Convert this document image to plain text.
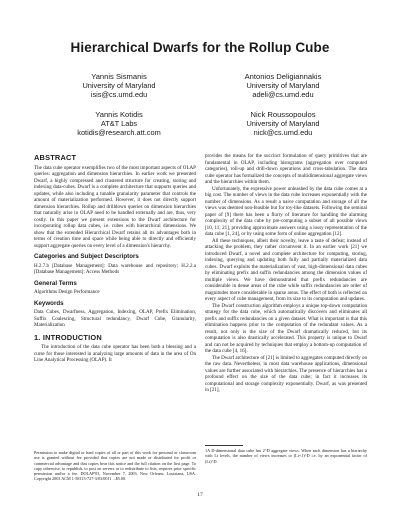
Hierarchical Dwarfs for the Rollup Cube
Yannis Sismanis
University of Maryland
isis@cs.umd.edu
Antonios Deligiannakis
University of Maryland
adeli@cs.umd.edu
Yannis Kotidis
AT&T Labs
kotidis@research.att.com
Nick Roussopoulos
University of Maryland
nick@cs.umd.edu
ABSTRACT

The data cube operator exemplifies two of the most important aspects of OLAP queries: aggregation and dimension hierarchies. In earlier work we presented Dwarf, a highly compressed and clustered structure for creating, storing and indexing data-cubes. Dwarf is a complete architecture that supports queries and updates, while also including a tunable granularity parameter that controls the amount of materialization performed. However, it does not directly support dimension hierarchies. Rollup and drilldown queries on dimension hierarchies that naturally arise in OLAP need to be handled externally and are, thus, very costly. In this paper we present extensions to the Dwarf architecture for incorporating rollup data cubes, i.e. cubes with hierarchical dimensions. We show that the extended Hierarchical Dwarf retains all its advantages both in terms of creation time and space while being able to directly and efficiently support aggregate queries on every level of a dimension's hierarchy.

Categories and Subject Descriptors

H.2.7.b [Database Management]: Data warehouse and repository; H.2.2.a [Database Management]: Access Methods

General Terms

Algorithms Design Performance

Keywords

Data Cubes, Dwarfness, Aggregation, Indexing, OLAP, Prefix Elimination, Suffix Coalescing, Structural redundancy, Dwarf Cube, Granularity, Materialization

1. INTRODUCTION

The introduction of the data cube operator has been both a blessing and a curse for those interested in analyzing large amounts of data in the area of On Line Analytical Processing (OLAP). It

Permission to make digital or hard copies of all or part of this work for personal or classroom use is granted without fee provided that copies are not made or distributed for profit or commercial advantage and that copies bear this notice and the full citation on the first page. To copy otherwise, to republish, to post on servers or to redistribute to lists, requires prior specific permission and/or a fee. DOLAP'03, November 7, 2003, New Orleans, Louisiana, USA. Copyright 2003 ACM 1-58113-727-3/03/0011 ...$5.00.

provides the means for the succinct formulation of query primitives that are fundamental in OLAP, including histograms (aggregation over computed categories), roll-up and drill-down operations and cross-tabulation. The data cube operator has formalized the concepts of multidimensional aggregate views and the hierarchies within them.

Unfortunately, the expressive power unleashed by the data cube comes at a big cost. The number of views in the data cube increases exponentially with the number of dimensions. As a result a naive computation and storage of all the views was deemed non-feasible but for toy-like datasets. Following the seminal paper of [9] there has been a flurry of literature for handling the alarming complexity of the data cube by pre-computing a subset of all possible views [10, 11, 21], providing approximate answers using a lossy representation of the data cube [1, 24], or by using some form of online aggregation [12].

All these techniques, albeit their novelty, leave a taste of defeat; instead of attacking the problem, they rather circumvent it. In an earlier work [21] we introduced Dwarf, a novel and complete architecture for computing, storing, indexing, querying and updating both fully and partially materialized data cubes. Dwarf exploits the materialization of vast, high-dimensional data cubes by eliminating prefix and suffix redundancies among the dimension values of multiple views. We have demonstrated that prefix redundancies are considerable in dense areas of the cube while suffix redundancies are order of magnitudes more considerable in sparse areas. The effect of both is reflected on every aspect of cube management, from its size to its computation and updates.

The Dwarf construction algorithm employs a unique top-down computation strategy for the data cube, which automatically discovers and eliminates all prefix and suffix redundancies on a given dataset. What is important is that this elimination happens prior to the computation of the redundant values. As a result, not only is the size of the Dwarf dramatically reduced, but its computation is also drastically accelerated. This property is unique to Dwarf and can not be acquired by techniques that employ a bottom-up computation of the data cube [4, 16].

The Dwarf architecture of [21] is limited to aggregates computed directly on the raw data. Nevertheless, in most data warehouse applications, dimensional values are further associated with hierarchies. The presence of hierarchies has a profound effect on the size of the data cube; in fact it increases its computational and storage complexity exponentially. Dwarf, as was presented in [21],

1A D-dimensional data cube has 2^D aggregate views. When each dimension has a hierarchy with Li levels, the number of views increases to (Li+1)^D i.e. by an exponential factor of (Li)^D.
17
